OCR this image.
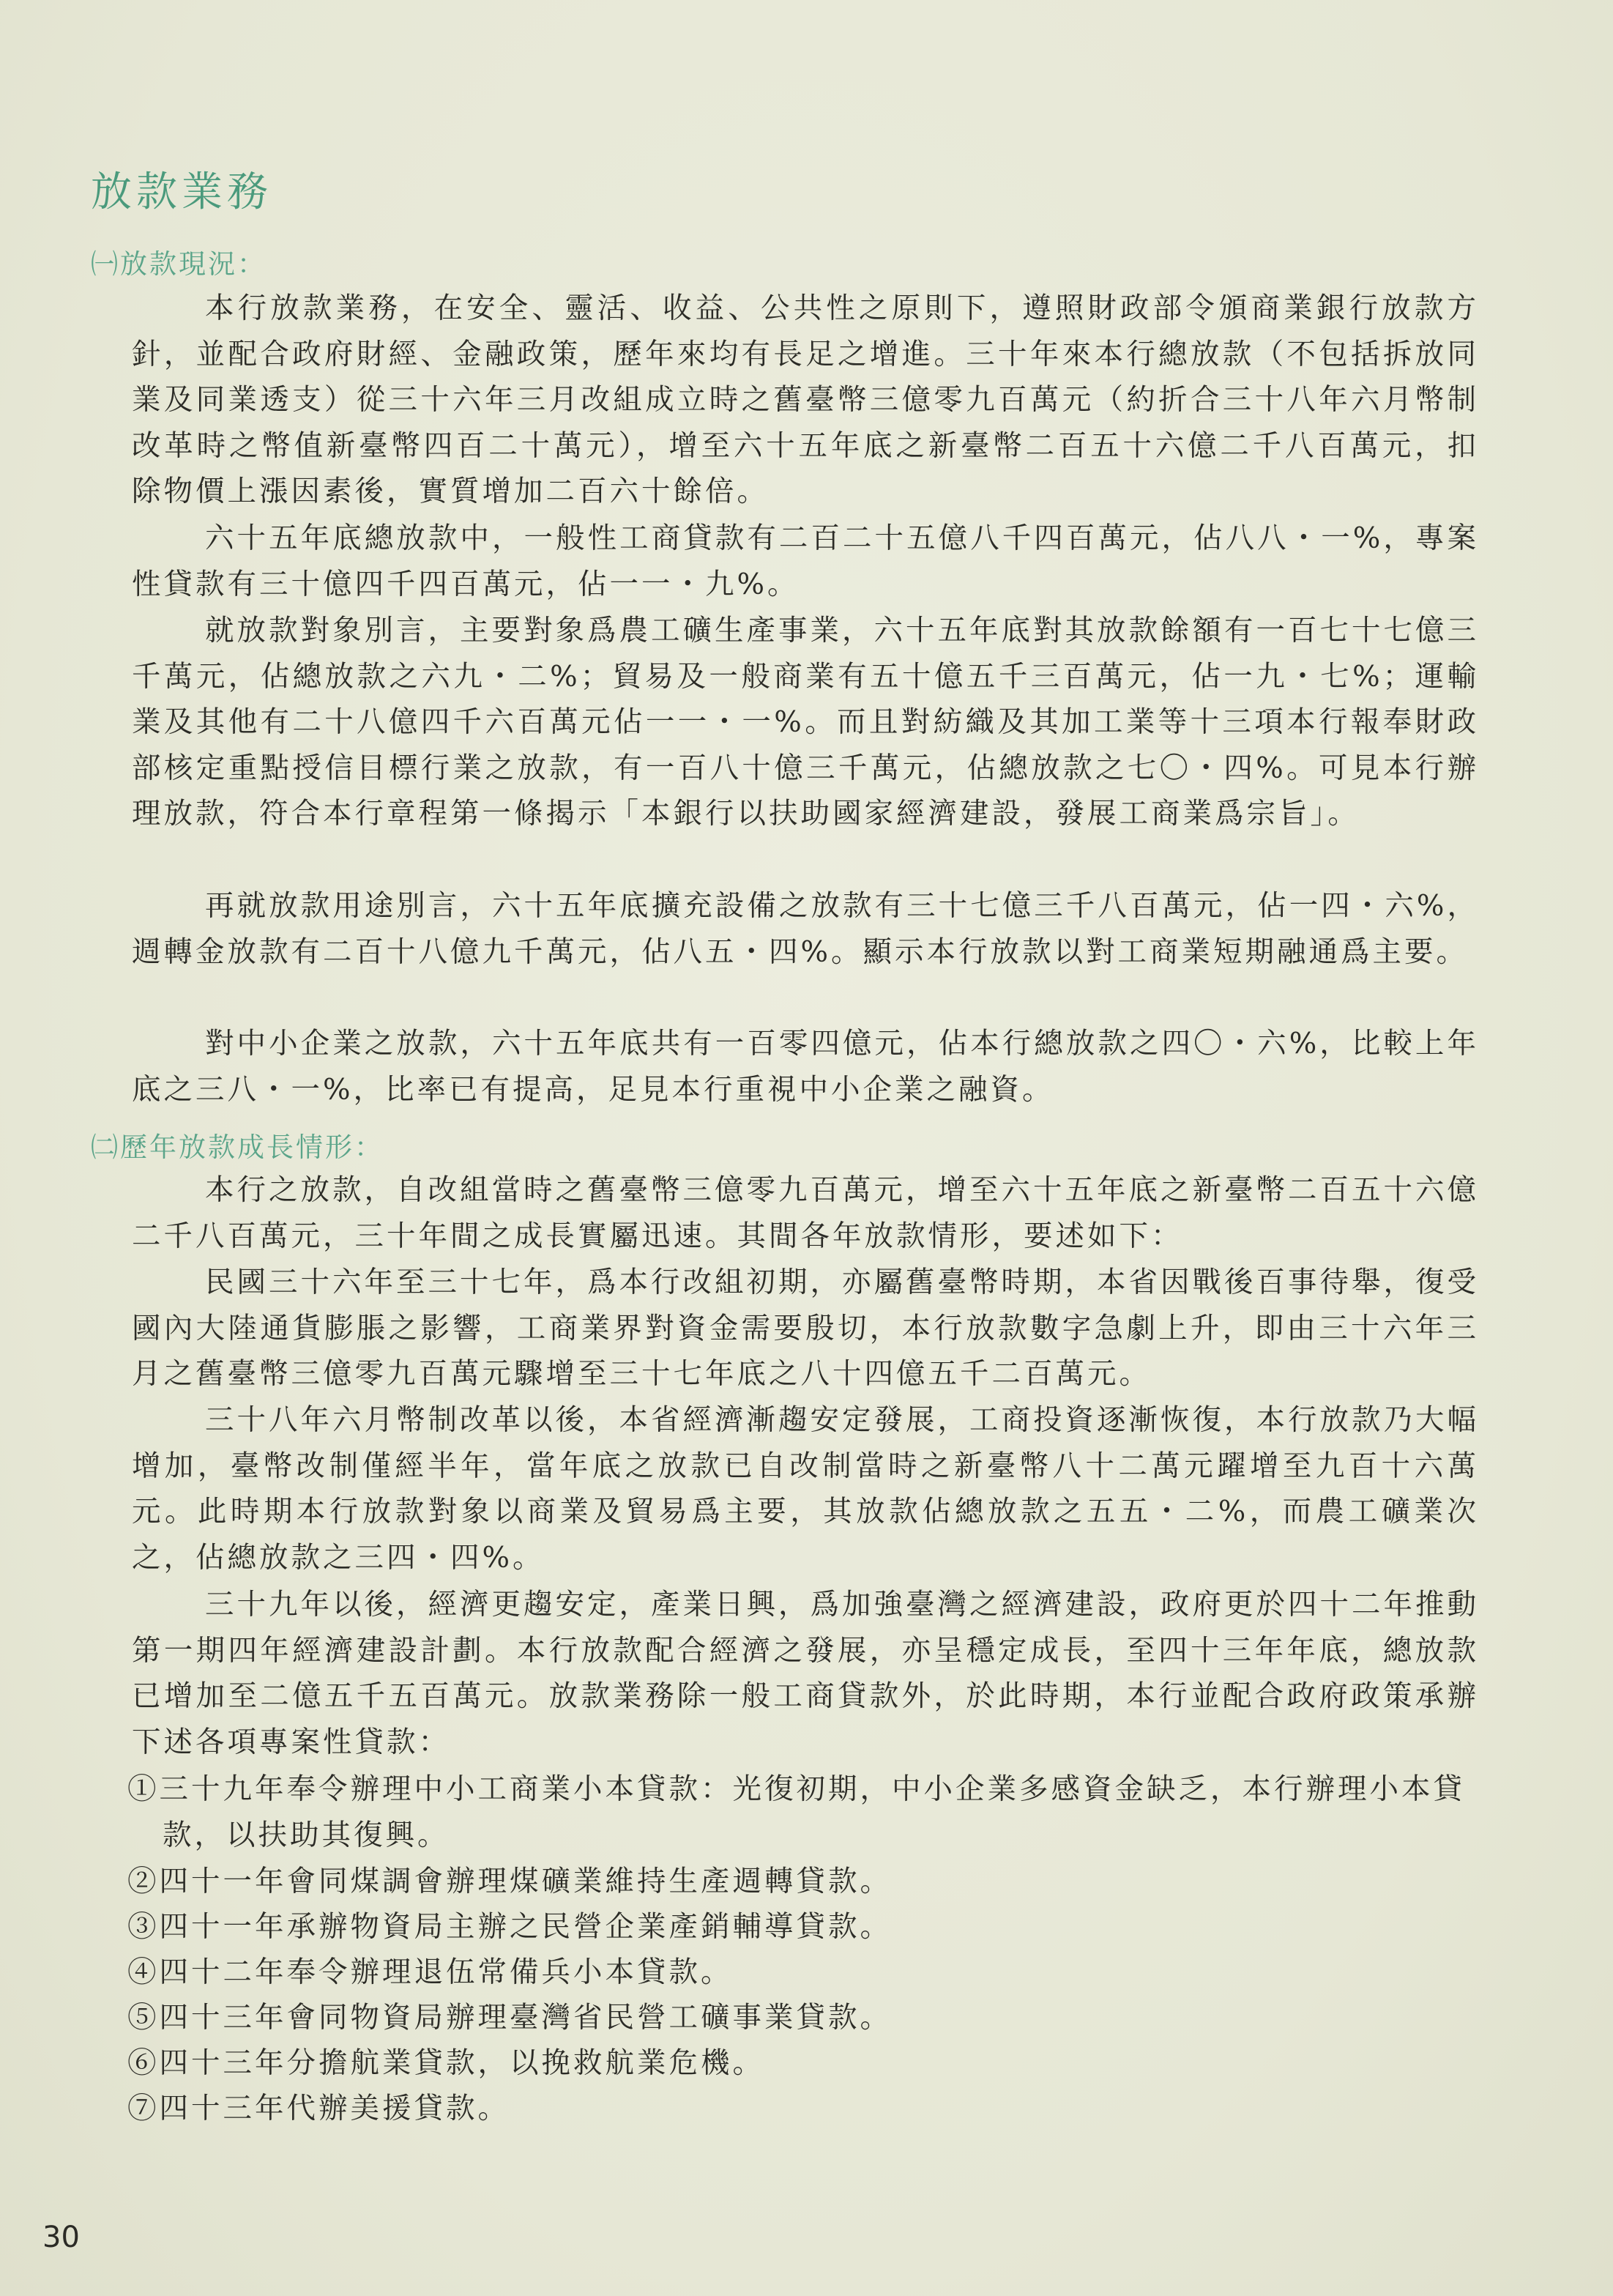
放款業務
㈠放款現況：
本行放款業務，在安全、靈活、收益、公共性之原則下，遵照財政部令頒商業銀行放款方針，並配合政府財經、金融政策，歷年來均有長足之增進。三十年來本行總放款（不包括拆放同業及同業透支）從三十六年三月改組成立時之舊臺幣三億零九百萬元（約折合三十八年六月幣制改革時之幣值新臺幣四百二十萬元），增至六十五年底之新臺幣二百五十六億二千八百萬元，扣除物價上漲因素後，實質增加二百六十餘倍。
六十五年底總放款中，一般性工商貸款有二百二十五億八千四百萬元，佔八八・一%，專案性貸款有三十億四千四百萬元，佔一一・九%。
就放款對象別言，主要對象爲農工礦生產事業，六十五年底對其放款餘額有一百七十七億三千萬元，佔總放款之六九・二%；貿易及一般商業有五十億五千三百萬元，佔一九・七%；運輸業及其他有二十八億四千六百萬元佔一一・一%。而且對紡織及其加工業等十三項本行報奉財政部核定重點授信目標行業之放款，有一百八十億三千萬元，佔總放款之七〇・四%。可見本行辦理放款，符合本行章程第一條揭示「本銀行以扶助國家經濟建設，發展工商業爲宗旨」。
再就放款用途別言，六十五年底擴充設備之放款有三十七億三千八百萬元，佔一四・六%，週轉金放款有二百十八億九千萬元，佔八五・四%。顯示本行放款以對工商業短期融通爲主要。
對中小企業之放款，六十五年底共有一百零四億元，佔本行總放款之四〇・六%，比較上年底之三八・一%，比率已有提高，足見本行重視中小企業之融資。
㈡歷年放款成長情形：
本行之放款，自改組當時之舊臺幣三億零九百萬元，增至六十五年底之新臺幣二百五十六億二千八百萬元，三十年間之成長實屬迅速。其間各年放款情形，要述如下：
民國三十六年至三十七年，爲本行改組初期，亦屬舊臺幣時期，本省因戰後百事待舉，復受國內大陸通貨膨脹之影響，工商業界對資金需要殷切，本行放款數字急劇上升，即由三十六年三月之舊臺幣三億零九百萬元驟增至三十七年底之八十四億五千二百萬元。
三十八年六月幣制改革以後，本省經濟漸趨安定發展，工商投資逐漸恢復，本行放款乃大幅增加，臺幣改制僅經半年，當年底之放款已自改制當時之新臺幣八十二萬元躍增至九百十六萬元。此時期本行放款對象以商業及貿易爲主要，其放款佔總放款之五五・二%，而農工礦業次之，佔總放款之三四・四%。
三十九年以後，經濟更趨安定，產業日興，爲加強臺灣之經濟建設，政府更於四十二年推動第一期四年經濟建設計劃。本行放款配合經濟之發展，亦呈穩定成長，至四十三年年底，總放款已增加至二億五千五百萬元。放款業務除一般工商貸款外，於此時期，本行並配合政府政策承辦下述各項專案性貸款：
①三十九年奉令辦理中小工商業小本貸款：光復初期，中小企業多感資金缺乏，本行辦理小本貸款，以扶助其復興。
②四十一年會同煤調會辦理煤礦業維持生產週轉貸款。
③四十一年承辦物資局主辦之民營企業產銷輔導貸款。
④四十二年奉令辦理退伍常備兵小本貸款。
⑤四十三年會同物資局辦理臺灣省民營工礦事業貸款。
⑥四十三年分擔航業貸款，以挽救航業危機。
⑦四十三年代辦美援貸款。
30
